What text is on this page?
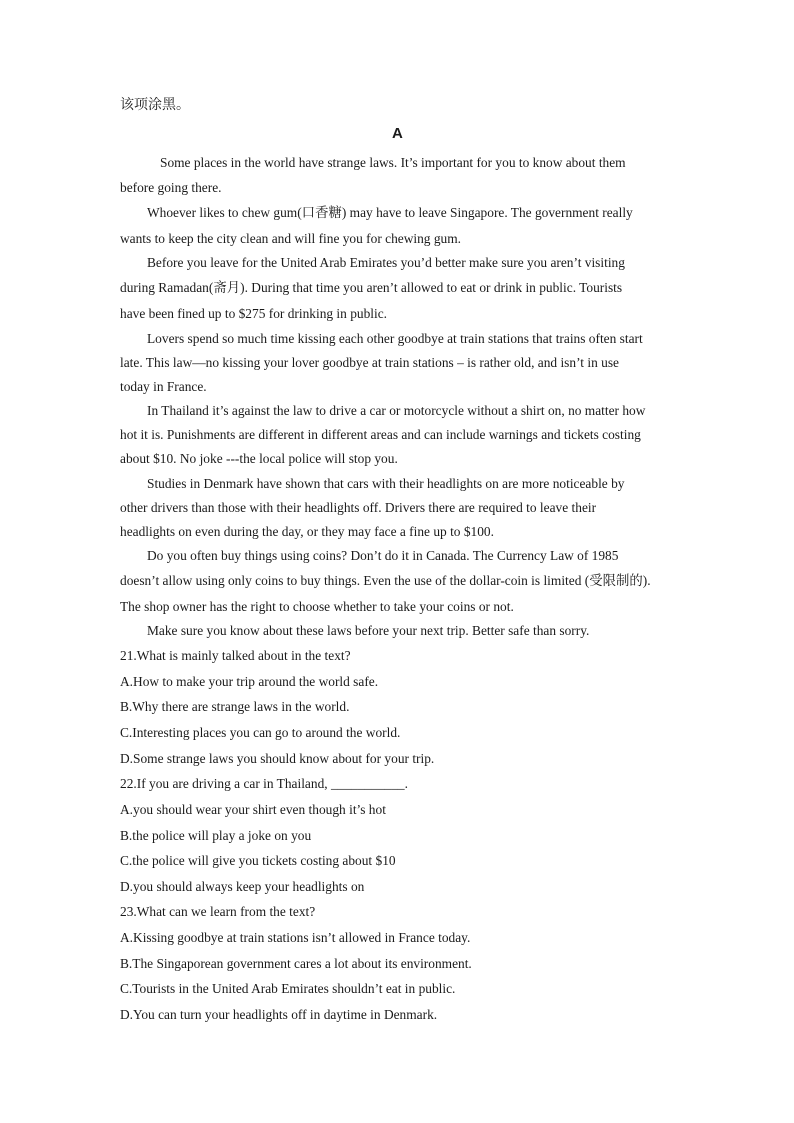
该项涂黑。

A

Some places in the world have strange laws. It’s important for you to know about them

before going there.

Whoever likes to chew gum(口香糖) may have to leave Singapore. The government really

wants to keep the city clean and will fine you for chewing gum.

Before you leave for the United Arab Emirates you’d better make sure you aren’t visiting

during Ramadan(斋月). During that time you aren’t allowed to eat or drink in public. Tourists

have been fined up to $275 for drinking in public.

Lovers spend so much time kissing each other goodbye at train stations that trains often start

late. This law—no kissing your lover goodbye at train stations – is rather old, and isn’t in use

today in France.

In Thailand it’s against the law to drive a car or motorcycle without a shirt on, no matter how

hot it is. Punishments are different in different areas and can include warnings and tickets costing

about $10. No joke ---the local police will stop you.

Studies in Denmark have shown that cars with their headlights on are more noticeable by

other drivers than those with their headlights off. Drivers there are required to leave their

headlights on even during the day, or they may face a fine up to $100.

Do you often buy things using coins? Don’t do it in Canada. The Currency Law of 1985

doesn’t allow using only coins to buy things. Even the use of the dollar-coin is limited (受限制的).

The shop owner has the right to choose whether to take your coins or not.

Make sure you know about these laws before your next trip. Better safe than sorry.

21.What is mainly talked about in the text?

A.How to make your trip around the world safe.

B.Why there are strange laws in the world.

C.Interesting places you can go to around the world.

D.Some strange laws you should know about for your trip.

22.If you are driving a car in Thailand, ___________.

A.you should wear your shirt even though it’s hot

B.the police will play a joke on you

C.the police will give you tickets costing about $10

D.you should always keep your headlights on

23.What can we learn from the text?

A.Kissing goodbye at train stations isn’t allowed in France today.

B.The Singaporean government cares a lot about its environment.

C.Tourists in the United Arab Emirates shouldn’t eat in public.

D.You can turn your headlights off in daytime in Denmark.
